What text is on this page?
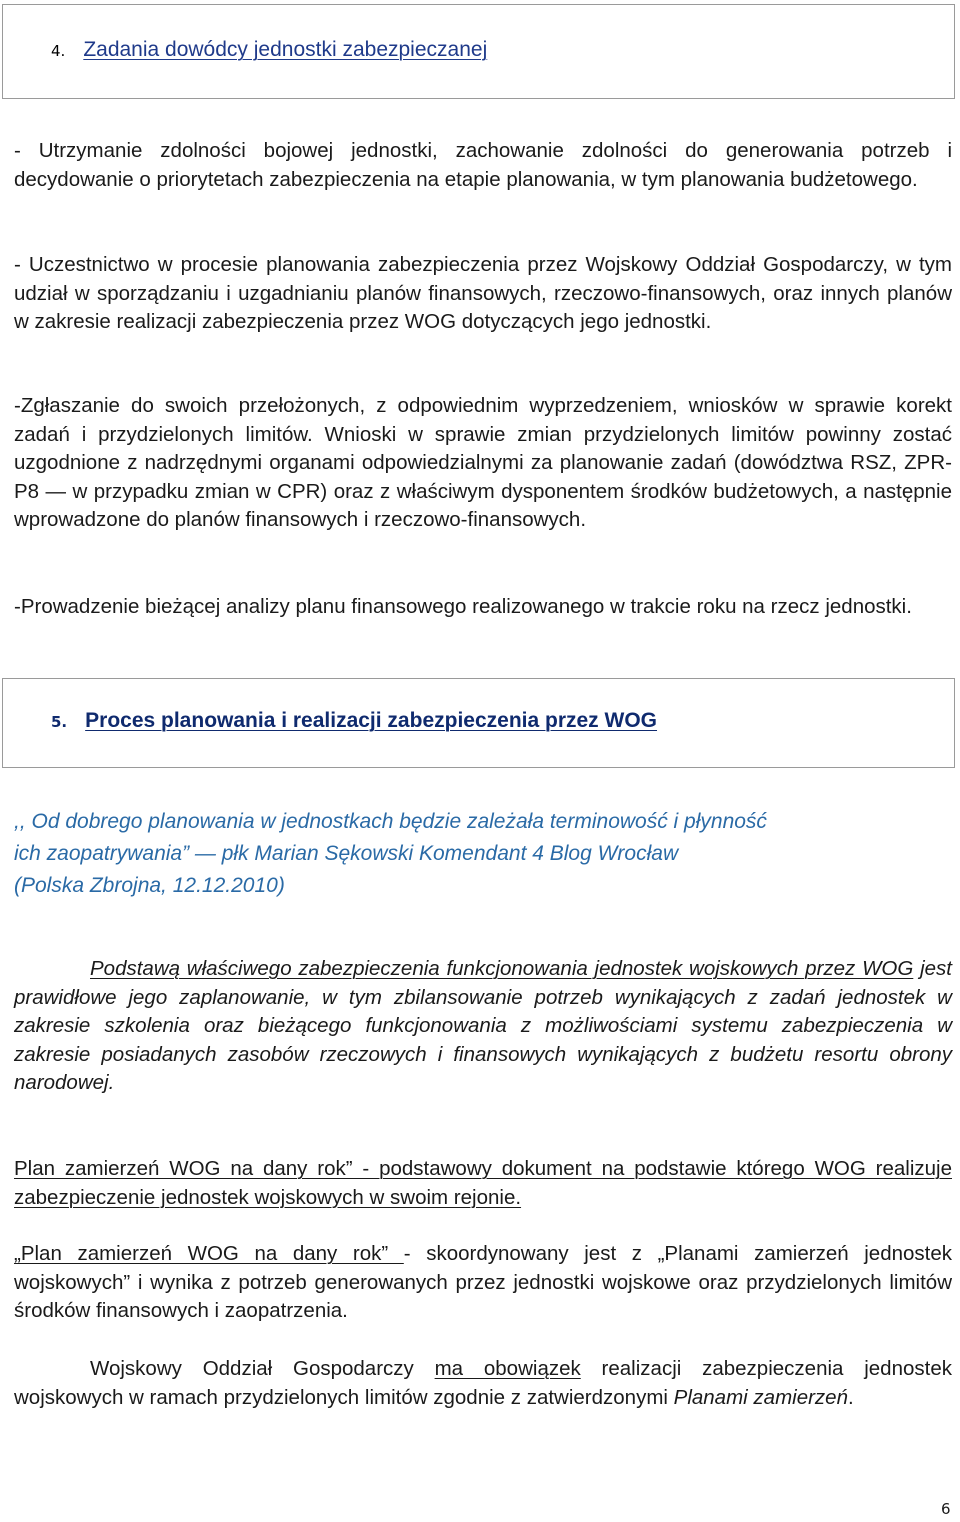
4. Zadania dowódcy jednostki zabezpieczanej

- Utrzymanie zdolności bojowej jednostki, zachowanie zdolności do generowania potrzeb i decydowanie o priorytetach zabezpieczenia na etapie planowania, w tym planowania budżetowego.

- Uczestnictwo w procesie planowania zabezpieczenia przez Wojskowy Oddział Gospodarczy, w tym udział w sporządzaniu i uzgadnianiu planów finansowych, rzeczowo-finansowych, oraz innych planów w zakresie realizacji zabezpieczenia przez WOG dotyczących jego jednostki.

-Zgłaszanie do swoich przełożonych, z odpowiednim wyprzedzeniem, wniosków w sprawie korekt zadań i przydzielonych limitów. Wnioski w sprawie zmian przydzielonych limitów powinny zostać uzgodnione z nadrzędnymi organami odpowiedzialnymi za planowanie zadań (dowództwa RSZ, ZPR-P8 — w przypadku zmian w CPR) oraz z właściwym dysponentem środków budżetowych, a następnie wprowadzone do planów finansowych i rzeczowo-finansowych.

-Prowadzenie bieżącej analizy planu finansowego realizowanego w trakcie roku na rzecz jednostki.

5. Proces planowania i realizacji zabezpieczenia przez WOG
,, Od dobrego planowania w jednostkach będzie zależała terminowość i płynność
ich zaopatrywania” — płk Marian Sękowski Komendant 4 Blog Wrocław
(Polska Zbrojna, 12.12.2010)

Podstawą właściwego zabezpieczenia funkcjonowania jednostek wojskowych przez WOG jest prawidłowe jego zaplanowanie, w tym zbilansowanie potrzeb wynikających z zadań jednostek w zakresie szkolenia oraz bieżącego funkcjonowania z możliwościami systemu zabezpieczenia w zakresie posiadanych zasobów rzeczowych i finansowych wynikających z budżetu resortu obrony narodowej.

Plan zamierzeń WOG na dany rok” - podstawowy dokument na podstawie którego WOG realizuje zabezpieczenie jednostek wojskowych w swoim rejonie.

„Plan zamierzeń WOG na dany rok” - skoordynowany jest z „Planami zamierzeń jednostek wojskowych” i wynika z potrzeb generowanych przez jednostki wojskowe oraz przydzielonych limitów środków finansowych i zaopatrzenia.

Wojskowy Oddział Gospodarczy ma obowiązek realizacji zabezpieczenia jednostek wojskowych w ramach przydzielonych limitów zgodnie z zatwierdzonymi Planami zamierzeń.

6
